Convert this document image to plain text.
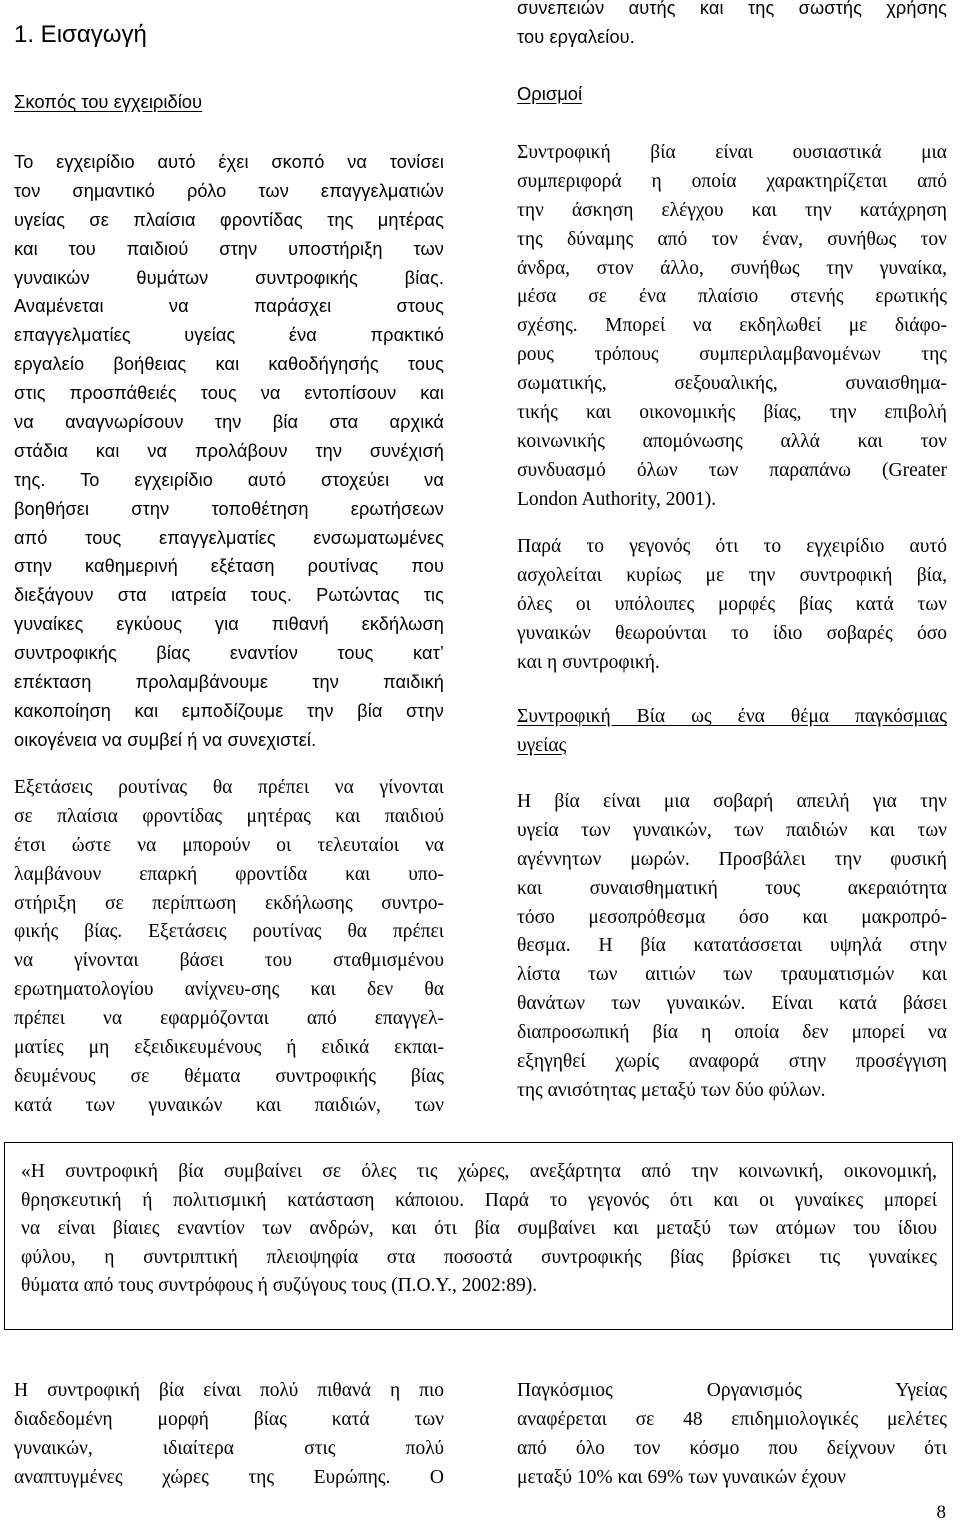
1. Εισαγωγή
Σκοπός του εγχειριδίου
Το εγχειρίδιο αυτό έχει σκοπό να τονίσει
τον σημαντικό ρόλο των επαγγελματιών
υγείας σε πλαίσια φροντίδας της μητέρας
και του παιδιού στην υποστήριξη των
γυναικών θυμάτων συντροφικής βίας.
Αναμένεται να παράσχει στους
επαγγελματίες υγείας ένα πρακτικό
εργαλείο βοήθειας και καθοδήγησής τους
στις προσπάθειές τους να εντοπίσουν και
να αναγνωρίσουν την βία στα αρχικά
στάδια και να προλάβουν την συνέχισή
της. Το εγχειρίδιο αυτό στοχεύει να
βοηθήσει στην τοποθέτηση ερωτήσεων
από τους επαγγελματίες ενσωματωμένες
στην καθημερινή εξέταση ρουτίνας που
διεξάγουν στα ιατρεία τους. Ρωτώντας τις
γυναίκες εγκύους για πιθανή εκδήλωση
συντροφικής βίας εναντίον τους κατ’
επέκταση προλαμβάνουμε την παιδική
κακοποίηση και εμποδίζουμε την βία στην
οικογένεια να συμβεί ή να συνεχιστεί.
Εξετάσεις ρουτίνας θα πρέπει να γίνονται
σε πλαίσια φροντίδας μητέρας και παιδιού
έτσι ώστε να μπορούν οι τελευταίοι να
λαμβάνουν επαρκή φροντίδα και υπο-
στήριξη σε περίπτωση εκδήλωσης συντρο-
φικής βίας. Εξετάσεις ρουτίνας θα πρέπει
να γίνονται βάσει του σταθμισμένου
ερωτηματολογίου ανίχνευ-σης και δεν θα
πρέπει να εφαρμόζονται από επαγγελ-
ματίες μη εξειδικευμένους ή ειδικά εκπαι-
δευμένους σε θέματα συντροφικής βίας
κατά των γυναικών και παιδιών, των
συνεπειών αυτής και της σωστής χρήσης
του εργαλείου.
Ορισμοί
Συντροφική βία είναι ουσιαστικά μια
συμπεριφορά η οποία χαρακτηρίζεται από
την άσκηση ελέγχου και την κατάχρηση
της δύναμης από τον έναν, συνήθως τον
άνδρα, στον άλλο, συνήθως την γυναίκα,
μέσα σε ένα πλαίσιο στενής ερωτικής
σχέσης. Μπορεί να εκδηλωθεί με διάφο-
ρους τρόπους συμπεριλαμβανομένων της
σωματικής, σεξουαλικής, συναισθημα-
τικής και οικονομικής βίας, την επιβολή
κοινωνικής απομόνωσης αλλά και τον
συνδυασμό όλων των παραπάνω (Greater
London Authority, 2001).
Παρά το γεγονός ότι το εγχειρίδιο αυτό
ασχολείται κυρίως με την συντροφική βία,
όλες οι υπόλοιπες μορφές βίας κατά των
γυναικών θεωρούνται το ίδιο σοβαρές όσο
και η συντροφική.
Συντροφική Βία ως ένα θέμα παγκόσμιας
υγείας
Η βία είναι μια σοβαρή απειλή για την
υγεία των γυναικών, των παιδιών και των
αγέννητων μωρών. Προσβάλει την φυσική
και συναισθηματική τους ακεραιότητα
τόσο μεσοπρόθεσμα όσο και μακροπρό-
θεσμα. Η βία κατατάσσεται υψηλά στην
λίστα των αιτιών των τραυματισμών και
θανάτων των γυναικών. Είναι κατά βάσει
διαπροσωπική βία η οποία δεν μπορεί να
εξηγηθεί χωρίς αναφορά στην προσέγγιση
της ανισότητας μεταξύ των δύο φύλων.
«Η συντροφική βία συμβαίνει σε όλες τις χώρες, ανεξάρτητα από την κοινωνική, οικονομική,
θρησκευτική ή πολιτισμική κατάσταση κάποιου. Παρά το γεγονός ότι και οι γυναίκες μπορεί
να είναι βίαιες εναντίον των ανδρών, και ότι βία συμβαίνει και μεταξύ των ατόμων του ίδιου
φύλου, η συντριπτική πλειοψηφία στα ποσοστά συντροφικής βίας βρίσκει τις γυναίκες
θύματα από τους συντρόφους ή συζύγους τους (Π.Ο.Υ., 2002:89).
Η συντροφική βία είναι πολύ πιθανά η πιο
διαδεδομένη μορφή βίας κατά των
γυναικών, ιδιαίτερα στις πολύ
αναπτυγμένες χώρες της Ευρώπης. Ο
Παγκόσμιος Οργανισμός Υγείας
αναφέρεται σε 48 επιδημιολογικές μελέτες
από όλο τον κόσμο που δείχνουν ότι
μεταξύ 10% και 69% των γυναικών έχουν
8
